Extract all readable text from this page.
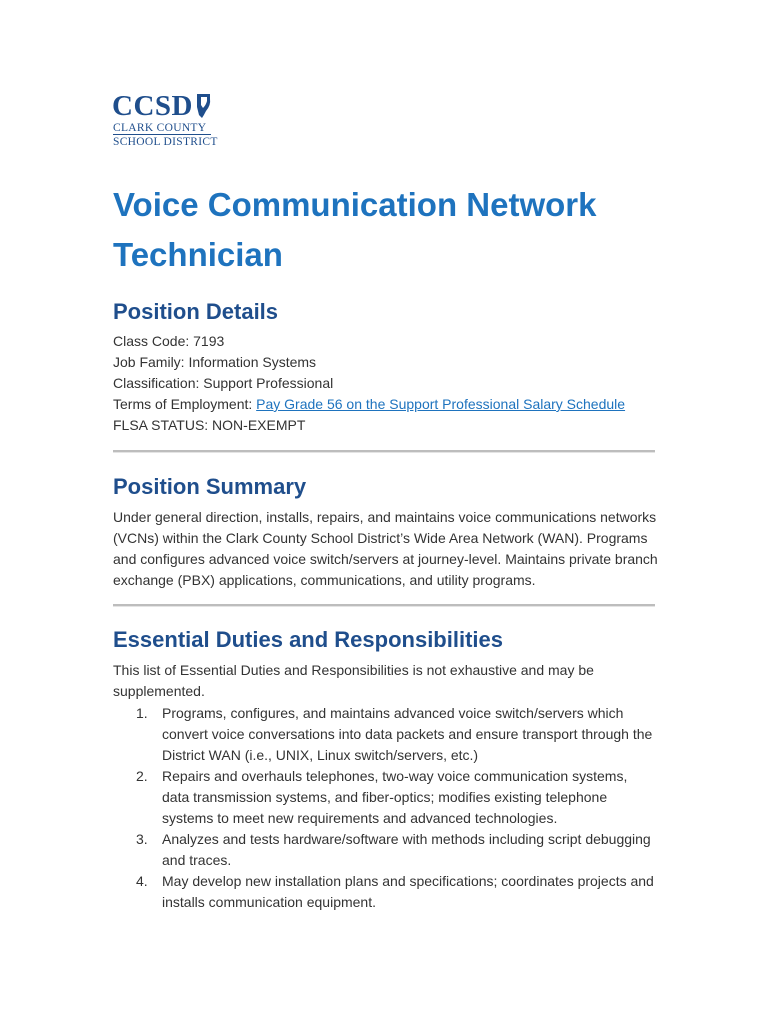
CCSD
CLARK COUNTY
SCHOOL DISTRICT
Voice Communication Network Technician
Position Details
Class Code: 7193
Job Family: Information Systems
Classification: Support Professional
Terms of Employment: Pay Grade 56 on the Support Professional Salary Schedule
FLSA STATUS: NON-EXEMPT
Position Summary

Under general direction, installs, repairs, and maintains voice communications networks (VCNs) within the Clark County School District’s Wide Area Network (WAN). Programs and configures advanced voice switch/servers at journey-level. Maintains private branch exchange (PBX) applications, communications, and utility programs.

Essential Duties and Responsibilities

This list of Essential Duties and Responsibilities is not exhaustive and may be supplemented.

1. Programs, configures, and maintains advanced voice switch/servers which convert voice conversations into data packets and ensure transport through the District WAN (i.e., UNIX, Linux switch/servers, etc.)
2. Repairs and overhauls telephones, two-way voice communication systems, data transmission systems, and fiber-optics; modifies existing telephone systems to meet new requirements and advanced technologies.
3. Analyzes and tests hardware/software with methods including script debugging and traces.
4. May develop new installation plans and specifications; coordinates projects and installs communication equipment.
